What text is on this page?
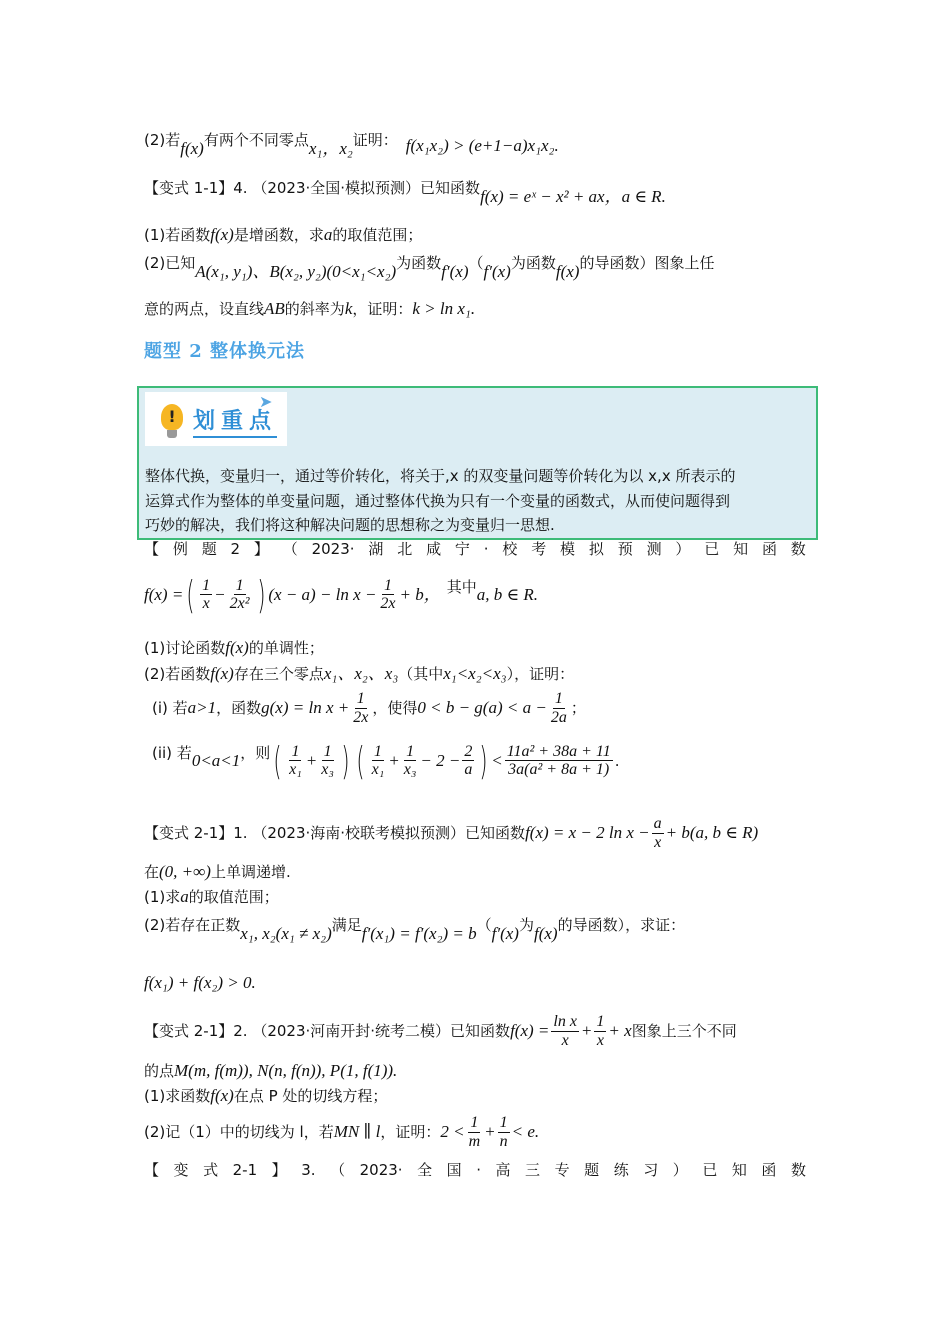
(2)若 f(x) 有两个不同零点 x₁，x₂ 证明： f(x₁x₂) > (e+1−a)x₁x₂.
【变式 1-1】4. （2023·全国·模拟预测）已知函数 f(x) = eˣ − x² + ax，a ∈ R.
(1)若函数 f(x) 是增函数，求 a 的取值范围；
(2)已知 A(x₁, y₁)、B(x₂, y₂)(0<x₁<x₂) 为函数 f′(x) （ f′(x) 为函数 f(x) 的导函数）图象上任
意的两点，设直线 AB 的斜率为 k ，证明： k > ln x₁.
题型 2 整体换元法
! 划重点
➤
整体代换，变量归一，通过等价转化，将关于,x 的双变量问题等价转化为以 x,x 所表示的
运算式作为整体的单变量问题，通过整体代换为只有一个变量的函数式，从而使问题得到
巧妙的解决，我们将这种解决问题的思想称之为变量归一思想.
【 例 题 2 】 （ 2023· 湖 北 咸 宁 · 校 考 模 拟 预 测 ） 已 知 函 数
f(x) = ( $\frac{1}{x} - \frac{1}{\text{2x²}}$ ) $(x - a) - \ln x - \frac{1}{2x} + b$， 其中 a, b ∈ R.
(1)讨论函数 f(x) 的单调性；
(2)若函数 f(x) 存在三个零点 x₁、x₂、x₃ （其中 x₁<x₂<x₃ ），证明：
(i) 若 a>1 ，函数 $g(x) = \ln x + \frac{1}{2x}$ ，使得 $0 < b - g(a) < a - \frac{1}{2a}$ ；
(ii) 若 0<a<1 ，则 ( $\frac{1}{\text{x₁}} + \frac{1}{\text{x₃}}$ ) ( $\frac{1}{\text{x₁}} + \frac{1}{\text{x₃}} - 2 - \frac{2}{a}$ ) < $\frac{\text{11a² + 38a + 11}}{\text{3a(a² + 8a + 1)}}$ .
【变式 2-1】1. （2023·海南·校联考模拟预测）已知函数 f(x) = x − 2 $\ln x - \frac{a}{x} + b(a$, b ∈ R)
在 (0, +∞) 上单调递增.
(1)求 a 的取值范围；
(2)若存在正数 x₁, x₂(x₁ ≠ x₂) 满足 f′(x₁) = f′(x₂) = b （ f′(x) 为 f(x) 的导函数），求证：
f(x₁) + f(x₂) > 0.
【变式 2-1】2. （2023·河南开封·统考二模）已知函数 $f(x) = \frac{\text{ln x}}{x} + \frac{1}{x} + x$ 图象上三个不同
的点 M(m, f(m)), N(n, f(n)), P(1, f(1)).
(1)求函数 f(x) 在点 P 处的切线方程；
(2)记（1）中的切线为 l，若 MN ∥ l ，证明： $2 < \frac{1}{m} + \frac{1}{n} < e$.
【 变 式 2-1 】 3. （ 2023· 全 国 · 高 三 专 题 练 习 ） 已 知 函 数
